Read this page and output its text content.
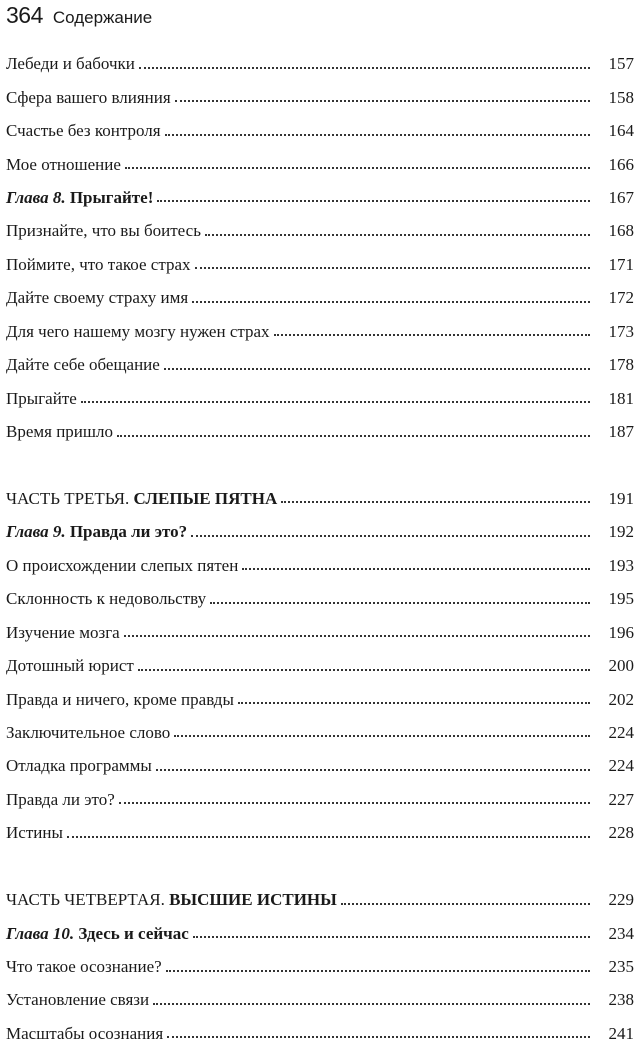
364 Содержание
Лебеди и бабочки	157
Сфера вашего влияния	158
Счастье без контроля	164
Мое отношение	166
Глава 8. Прыгайте!	167
Признайте, что вы боитесь	168
Поймите, что такое страх	171
Дайте своему страху имя	172
Для чего нашему мозгу нужен страх	173
Дайте себе обещание	178
Прыгайте	181
Время пришло	187
ЧАСТЬ ТРЕТЬЯ. СЛЕПЫЕ ПЯТНА	191
Глава 9. Правда ли это?	192
О происхождении слепых пятен	193
Склонность к недовольству	195
Изучение мозга	196
Дотошный юрист	200
Правда и ничего, кроме правды	202
Заключительное слово	224
Отладка программы	224
Правда ли это?	227
Истины	228
ЧАСТЬ ЧЕТВЕРТАЯ. ВЫСШИЕ ИСТИНЫ	229
Глава 10. Здесь и сейчас	234
Что такое осознание?	235
Установление связи	238
Масштабы осознания	241
